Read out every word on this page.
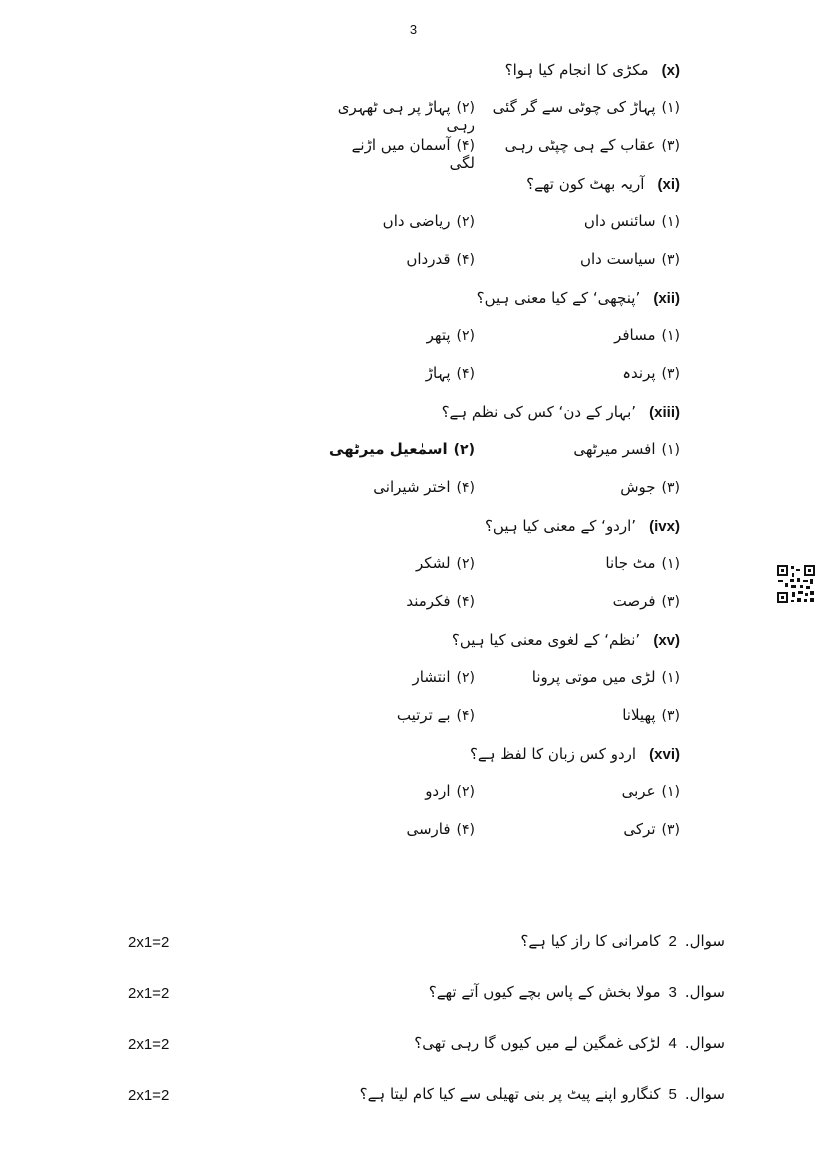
3
(x) مکڑی کا انجام کیا ہوا؟
(۱)پہاڑ کی چوٹی سے گر گئی
(۲)پہاڑ پر ہی ٹھہری رہی
(۳)عقاب کے ہی چپٹی رہی
(۴)آسمان میں اڑنے لگی
(xi) آریہ بھٹ کون تھے؟
(۱)سائنس داں
(۲)ریاضی داں
(۳)سیاست داں
(۴)قدرداں
(xii) ’پنچھی‘ کے کیا معنی ہیں؟
(۱)مسافر
(۲)پتھر
(۳)پرندہ
(۴)پہاڑ
(xiii) ’بہار کے دن‘ کس کی نظم ہے؟
(۱)افسر میرٹھی
(۲)اسمٰعیل میرٹھی
(۳)جوش
(۴)اختر شیرانی
(ivx) ’اردو‘ کے معنی کیا ہیں؟
(۱)مٹ جانا
(۲)لشکر
(۳)فرصت
(۴)فکرمند
(xv) ’نظم‘ کے لغوی معنی کیا ہیں؟
(۱)لڑی میں موتی پرونا
(۲)انتشار
(۳)پھیلانا
(۴)بے ترتیب
(xvi) اردو کس زبان کا لفظ ہے؟
(۱)عربی
(۲)اردو
(۳)ترکی
(۴)فارسی
2x1=2	سوال.2کامرانی کا راز کیا ہے؟
2x1=2	سوال.3مولا بخش کے پاس بچے کیوں آتے تھے؟
2x1=2	سوال.4لڑکی غمگین لے میں کیوں گا رہی تھی؟
2x1=2	سوال.5کنگارو اپنے پیٹ پر بنی تھیلی سے کیا کام لیتا ہے؟
